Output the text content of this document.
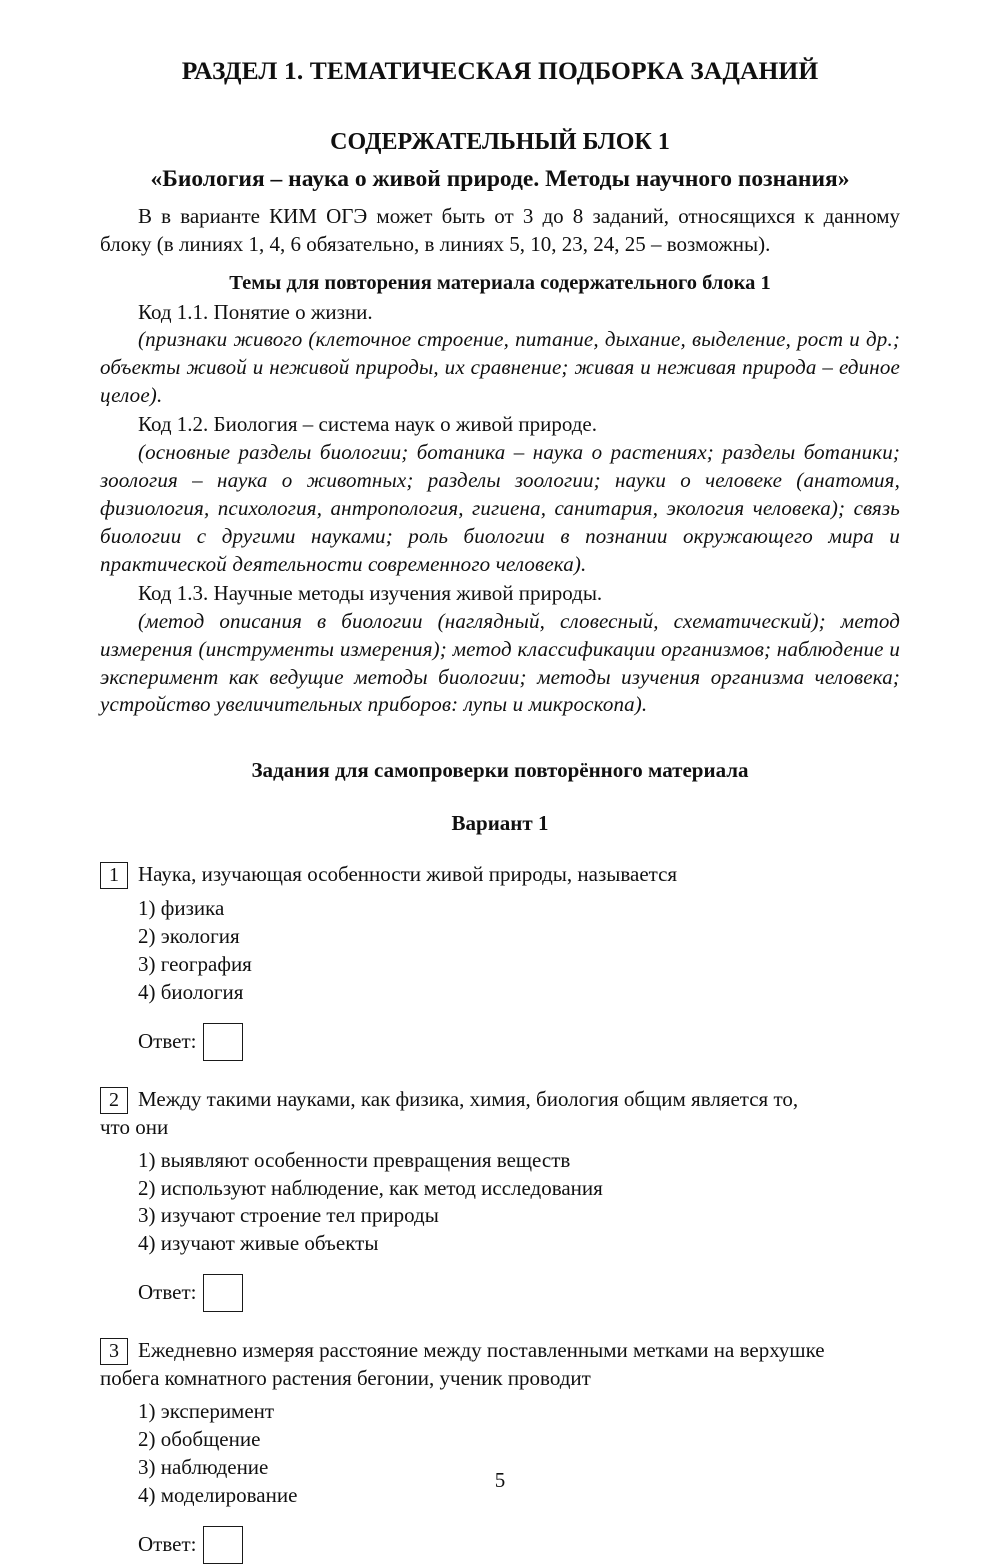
РАЗДЕЛ 1. ТЕМАТИЧЕСКАЯ ПОДБОРКА ЗАДАНИЙ
СОДЕРЖАТЕЛЬНЫЙ БЛОК 1
«Биология – наука о живой природе. Методы научного познания»

В в варианте КИМ ОГЭ может быть от 3 до 8 заданий, относящихся к данному блоку (в линиях 1, 4, 6 обязательно, в линиях 5, 10, 23, 24, 25 – возможны).

Темы для повторения материала содержательного блока 1

Код 1.1. Понятие о жизни.

(признаки живого (клеточное строение, питание, дыхание, выделение, рост и др.; объекты живой и неживой природы, их сравнение; живая и неживая природа – единое целое).

Код 1.2. Биология – система наук о живой природе.

(основные разделы биологии; ботаника – наука о растениях; разделы ботаники; зоология – наука о животных; разделы зоологии; науки о человеке (анатомия, физиология, психология, антропология, гигиена, санитария, экология человека); связь биологии с другими науками; роль биологии в познании окружающего мира и практической деятельности современного человека).

Код 1.3. Научные методы изучения живой природы.

(метод описания в биологии (наглядный, словесный, схематический); метод измерения (инструменты измерения); метод классификации организмов; наблюдение и эксперимент как ведущие методы биологии; методы изучения организма человека; устройство увеличительных приборов: лупы и микроскопа).

Задания для самопроверки повторённого материала
Вариант 1
1 Наука, изучающая особенности живой природы, называется
1) физика
2) экология
3) география
4) биология
Ответ:
2 Между такими науками, как физика, химия, биология общим является то,
что они
1) выявляют особенности превращения веществ
2) используют наблюдение, как метод исследования
3) изучают строение тел природы
4) изучают живые объекты
Ответ:
3 Ежедневно измеряя расстояние между поставленными метками на верхушке
побега комнатного растения бегонии, ученик проводит
1) эксперимент
2) обобщение
3) наблюдение
4) моделирование
Ответ:
5
